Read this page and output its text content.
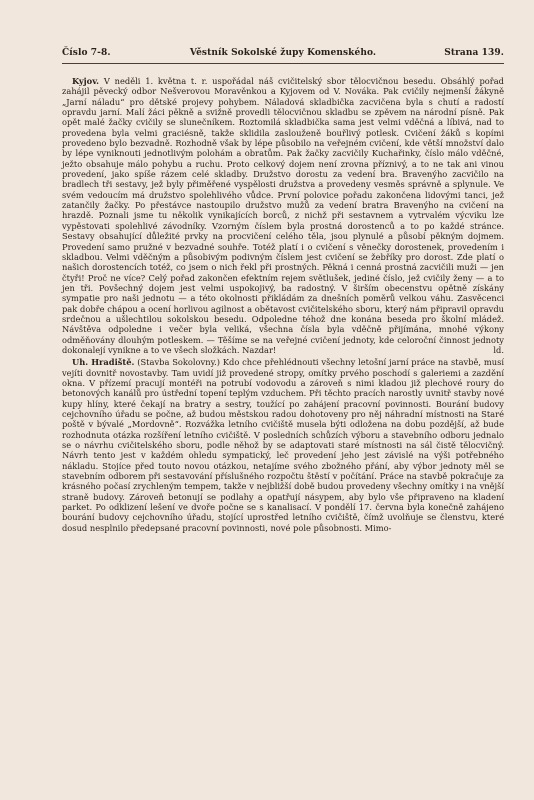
Číslo 7-8.	Věstník Sokolské župy Komenského.	Strana 139.

Kyjov. V neděli 1. května t. r. uspořádal náš cvičitelský sbor tělocvičnou besedu. Obsáhlý pořad zahájil pěvecký odbor Nešverovou Moravěnkou a Kyjovem od V. Nováka. Pak cvičily nejmenší žákyně „Jarní náladu“ pro dětské projevy pohybem. Náladová skladbička zacvičena byla s chutí a radostí opravdu jarní. Malí žáci pěkně a svižně provedli tělocvičnou skladbu se zpěvem na národní písně. Pak opět malé žačky cvičily se slunečníkem. Roztomilá skladbička sama jest velmi vděčná a líbivá, nad to provedena byla velmi graciésně, takže sklidila zaslouženě bouřlivý potlesk. Cvičení žáků s kopími provedeno bylo bezvadně. Rozhodně však by lépe působilo na veřejném cvičení, kde větší množství dalo by lépe vyniknouti jednotlivým polohám a obratům. Pak žačky zacvičily Kuchařinky, číslo málo vděčné, ježto obsahuje málo pohybu a ruchu. Proto celkový dojem není zrovna příznivý, a to ne tak ani vinou provedení, jako spíše rázem celé skladby. Družstvo dorostu za vedení bra. Bravenýho zacvičilo na bradlech tři sestavy, jež byly přiměřené vyspělosti družstva a provedeny vesměs správně a splynule. Ve svém vedoucím má družstvo spolehlivého vůdce. První polovice pořadu zakončena lidovými tanci, jež zatančily žačky. Po přestávce nastoupilo družstvo mužů za vedení bratra Bravenýho na cvičení na hrazdě. Poznali jsme tu několik vynikajících borců, z nichž při sestavnem a vytrvalém výcviku lze vypěstovati spolehlivé závodníky. Vzorným číslem byla prostná dorostenců a to po každé stránce. Sestavy obsahující důležité prvky na procvičení celého těla, jsou plynulé a působí pěkným dojmem. Provedení samo pružné v bezvadné souhře. Totéž platí i o cvičení s věnečky dorostenek, provedením i skladbou. Velmi vděčným a působivým podivným číslem jest cvičení se žebříky pro dorost. Zde platí o našich dorostencích totéž, co jsem o nich řekl při prostných. Pěkná i cenná prostná zacvičili muži — jen čtyři! Proč ne více? Celý pořad zakončen efektním rejem světlušek, jediné číslo, jež cvičily ženy — a to jen tři. Povšechný dojem jest velmi uspokojivý, ba radostný. V širším obecenstvu opětně získány sympatie pro naši jednotu — a této okolnosti přikládám za dnešních poměrů velkou váhu. Zasvěcenci pak dobře chápou a ocení horlivou agilnost a obětavost cvičitelského sboru, který nám připravil opravdu srdečnou a ušlechtilou sokolskou besedu. Odpoledne téhož dne konána beseda pro školní mládež. Návštěva odpoledne i večer byla veliká, všechna čísla byla vděčně přijímána, mnohé výkony odměňovány dlouhým potleskem. — Těšíme se na veřejné cvičení jednoty, kde celoroční činnost jednoty dokonalejí vynikne a to ve všech složkách. Nazdar!	ld.

Uh. Hradiště. (Stavba Sokolovny.) Kdo chce přehlédnouti všechny letošní jarní práce na stavbě, musí vejíti dovnitř novostavby. Tam uvidí již provedené stropy, omítky prvého poschodí s galeriemi a zazdění okna. V přízemí pracují montéři na potrubí vodovodu a zároveň s nimi kladou již plechové roury do betonových kanálů pro ústřední topení teplým vzduchem. Při těchto pracích narostly uvnitř stavby nové kupy hlíny, které čekají na bratry a sestry, toužící po zahájení pracovní povinnosti. Bourání budovy cejchovního úřadu se počne, až budou městskou radou dohotoveny pro něj náhradní místnosti na Staré poště v bývalé „Mordovně“. Rozvážka letního cvičiště musela býti odložena na dobu pozdější, až bude rozhodnuta otázka rozšíření letního cvičiště. V posledních schůzích výboru a stavebního odboru jednalo se o návrhu cvičitelského sboru, podle něhož by se adaptovati staré místnosti na sál čistě tělocvičný. Návrh tento jest v každém ohledu sympatický, leč provedení jeho jest závislé na výši potřebného nákladu. Stojíce před touto novou otázkou, netajíme svého zbožného přání, aby výbor jednoty měl se stavebním odborem při sestavování příslušného rozpočtu štěstí v počítání. Práce na stavbě pokračuje za krásného počasí zrychleným tempem, takže v nejbližší době budou provedeny všechny omítky i na vnější straně budovy. Zároveň betonují se podlahy a opatřují násypem, aby bylo vše připraveno na kladení parket. Po odklizení lešení ve dvoře počne se s kanalisací. V pondělí 17. června byla konečně zahájeno bourání budovy cejchovního úřadu, stojící uprostřed letního cvičiště, čímž uvolňuje se členstvu, které dosud nesplnilo předepsané pracovní povinnosti, nové pole působnosti. Mimo-
